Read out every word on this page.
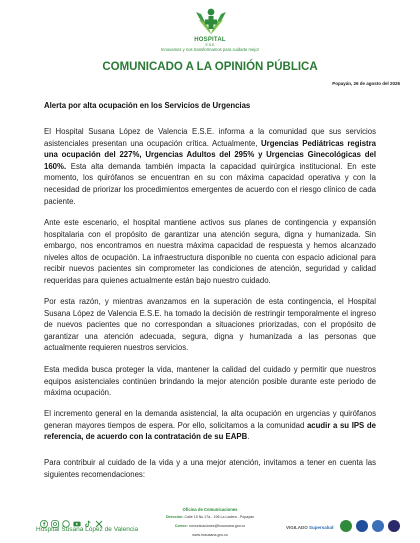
HOSPITAL
E.S.E
Innovamos y nos transformamos para cuidarte mejor
COMUNICADO A LA OPINIÓN PÚBLICA
Popayán, 26 de agosto del 2026
Alerta por alta ocupación en los Servicios de Urgencias

El Hospital Susana López de Valencia E.S.E. informa a la comunidad que sus servicios asistenciales presentan una ocupación crítica. Actualmente, Urgencias Pediátricas registra una ocupación del 227%, Urgencias Adultos del 295% y Urgencias Ginecológicas del 160%. Esta alta demanda también impacta la capacidad quirúrgica institucional. En este momento, los quirófanos se encuentran en su con máxima capacidad operativa y con la necesidad de priorizar los procedimientos emergentes de acuerdo con el riesgo clínico de cada paciente.

Ante este escenario, el hospital mantiene activos sus planes de contingencia y expansión hospitalaria con el propósito de garantizar una atención segura, digna y humanizada. Sin embargo, nos encontramos en nuestra máxima capacidad de respuesta y hemos alcanzado niveles altos de ocupación. La infraestructura disponible no cuenta con espacio adicional para recibir nuevos pacientes sin comprometer las condiciones de atención, seguridad y calidad requeridas para quienes actualmente están bajo nuestro cuidado.

Por esta razón, y mientras avanzamos en la superación de esta contingencia, el Hospital Susana López de Valencia E.S.E. ha tomado la decisión de restringir temporalmente el ingreso de nuevos pacientes que no correspondan a situaciones priorizadas, con el propósito de garantizar una atención adecuada, segura, digna y humanizada a las personas que actualmente requieren nuestros servicios.

Esta medida busca proteger la vida, mantener la calidad del cuidado y permitir que nuestros equipos asistenciales continúen brindando la mejor atención posible durante este periodo de máxima ocupación.

El incremento general en la demanda asistencial, la alta ocupación en urgencias y quirófanos generan mayores tiempos de espera. Por ello, solicitamos a la comunidad acudir a su IPS de referencia, de acuerdo con la contratación de su EAPB.

Para contribuir al cuidado de la vida y a una mejor atención, invitamos a tener en cuenta las siguientes recomendaciones:

Hospital Susana López de Valencia
Oficina de Comunicaciones
Dirección: Calle 15 No 17a - 196 La Ladera - Popayán
Correo: comunicaciones@hosusana.gov.co
www.hosusana.gov.co
VIGILADO Supersalud
